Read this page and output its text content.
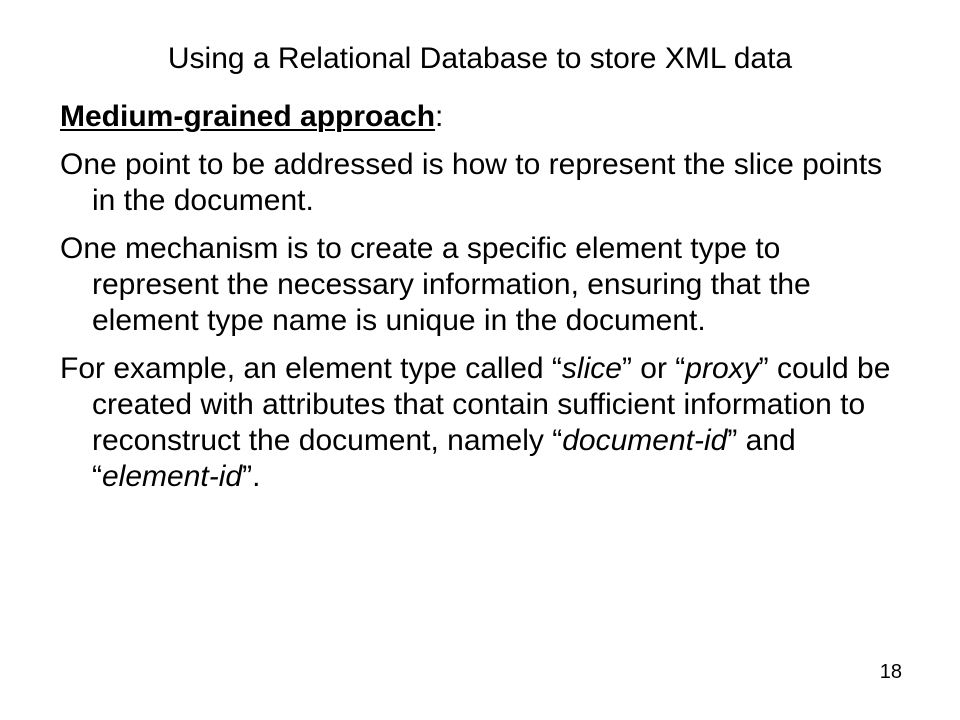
Using a Relational Database to store XML data
Medium-grained approach:
One point to be addressed is how to represent the slice points in the document.
One mechanism is to create a specific element type to represent the necessary information, ensuring that the element type name is unique in the document.
For example, an element type called “slice” or “proxy” could be created with attributes that contain sufficient information to reconstruct the document, namely “document-id” and “element-id”.
18
